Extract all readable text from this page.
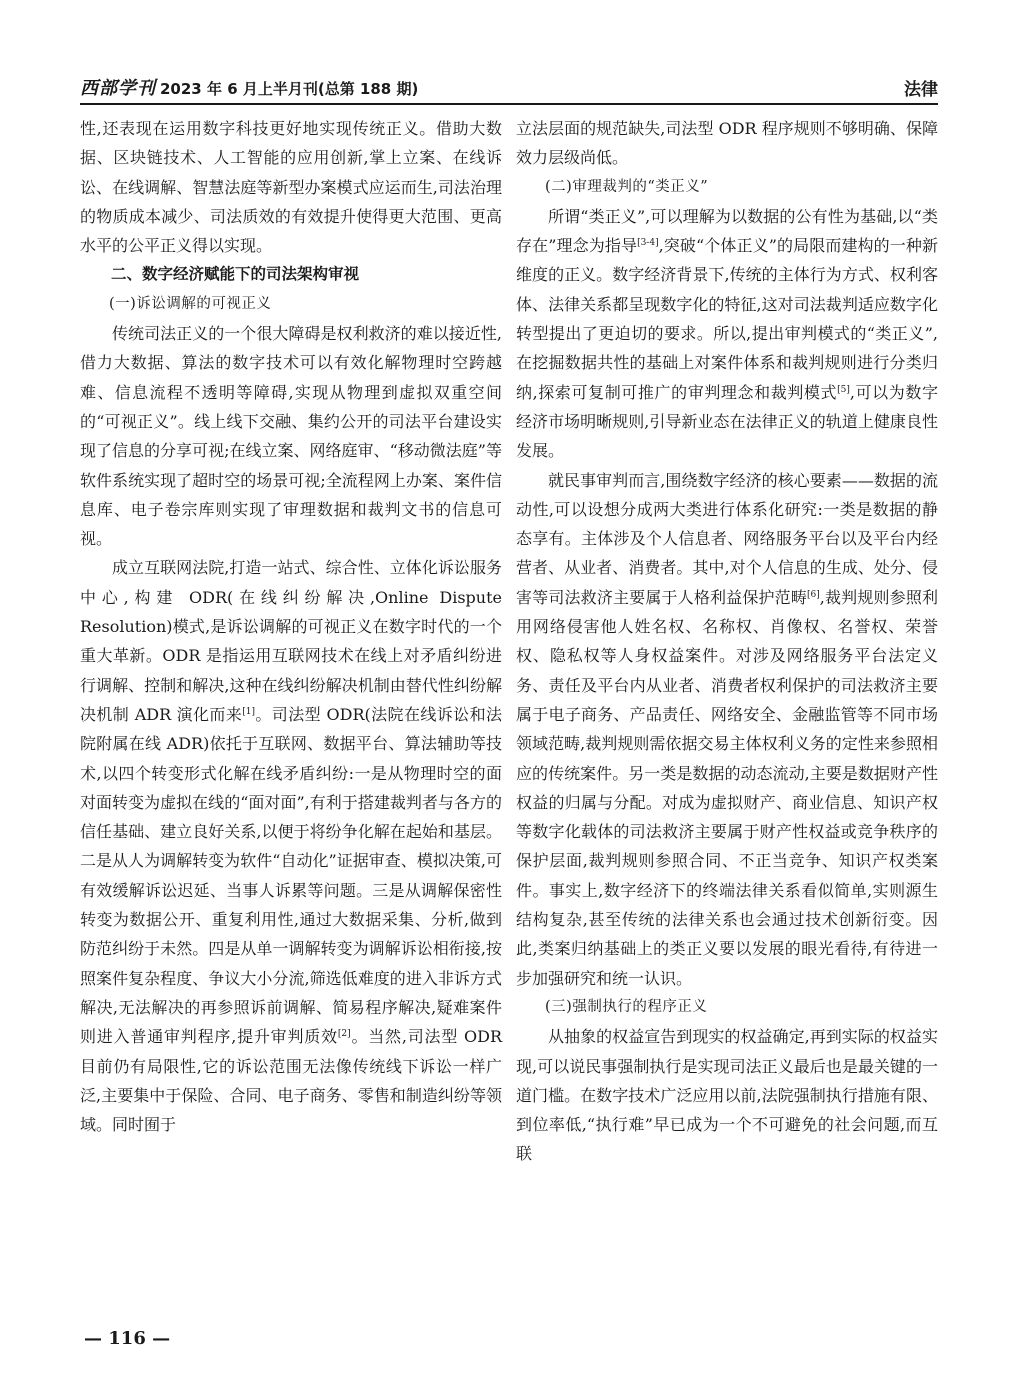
西部学刊 2023 年 6 月上半月刊(总第 188 期)	法律

性,还表现在运用数字科技更好地实现传统正义。借助大数据、区块链技术、人工智能的应用创新,掌上立案、在线诉讼、在线调解、智慧法庭等新型办案模式应运而生,司法治理的物质成本减少、司法质效的有效提升使得更大范围、更高水平的公平正义得以实现。

二、数字经济赋能下的司法架构审视

(一)诉讼调解的可视正义

传统司法正义的一个很大障碍是权利救济的难以接近性,借力大数据、算法的数字技术可以有效化解物理时空跨越难、信息流程不透明等障碍,实现从物理到虚拟双重空间的“可视正义”。线上线下交融、集约公开的司法平台建设实现了信息的分享可视;在线立案、网络庭审、“移动微法庭”等软件系统实现了超时空的场景可视;全流程网上办案、案件信息库、电子卷宗库则实现了审理数据和裁判文书的信息可视。

成立互联网法院,打造一站式、综合性、立体化诉讼服务中心,构建 ODR(在线纠纷解决,Online Dispute Resolution)模式,是诉讼调解的可视正义在数字时代的一个重大革新。ODR 是指运用互联网技术在线上对矛盾纠纷进行调解、控制和解决,这种在线纠纷解决机制由替代性纠纷解决机制 ADR 演化而来[1]。司法型 ODR(法院在线诉讼和法院附属在线 ADR)依托于互联网、数据平台、算法辅助等技术,以四个转变形式化解在线矛盾纠纷:一是从物理时空的面对面转变为虚拟在线的“面对面”,有利于搭建裁判者与各方的信任基础、建立良好关系,以便于将纷争化解在起始和基层。二是从人为调解转变为软件“自动化”证据审查、模拟决策,可有效缓解诉讼迟延、当事人诉累等问题。三是从调解保密性转变为数据公开、重复利用性,通过大数据采集、分析,做到防范纠纷于未然。四是从单一调解转变为调解诉讼相衔接,按照案件复杂程度、争议大小分流,筛选低难度的进入非诉方式解决,无法解决的再参照诉前调解、简易程序解决,疑难案件则进入普通审判程序,提升审判质效[2]。当然,司法型 ODR 目前仍有局限性,它的诉讼范围无法像传统线下诉讼一样广泛,主要集中于保险、合同、电子商务、零售和制造纠纷等领域。同时囿于

立法层面的规范缺失,司法型 ODR 程序规则不够明确、保障效力层级尚低。

(二)审理裁判的“类正义”

所谓“类正义”,可以理解为以数据的公有性为基础,以“类存在”理念为指导[3-4],突破“个体正义”的局限而建构的一种新维度的正义。数字经济背景下,传统的主体行为方式、权利客体、法律关系都呈现数字化的特征,这对司法裁判适应数字化转型提出了更迫切的要求。所以,提出审判模式的“类正义”,在挖掘数据共性的基础上对案件体系和裁判规则进行分类归纳,探索可复制可推广的审判理念和裁判模式[5],可以为数字经济市场明晰规则,引导新业态在法律正义的轨道上健康良性发展。

就民事审判而言,围绕数字经济的核心要素——数据的流动性,可以设想分成两大类进行体系化研究:一类是数据的静态享有。主体涉及个人信息者、网络服务平台以及平台内经营者、从业者、消费者。其中,对个人信息的生成、处分、侵害等司法救济主要属于人格利益保护范畴[6],裁判规则参照利用网络侵害他人姓名权、名称权、肖像权、名誉权、荣誉权、隐私权等人身权益案件。对涉及网络服务平台法定义务、责任及平台内从业者、消费者权利保护的司法救济主要属于电子商务、产品责任、网络安全、金融监管等不同市场领域范畴,裁判规则需依据交易主体权利义务的定性来参照相应的传统案件。另一类是数据的动态流动,主要是数据财产性权益的归属与分配。对成为虚拟财产、商业信息、知识产权等数字化载体的司法救济主要属于财产性权益或竞争秩序的保护层面,裁判规则参照合同、不正当竞争、知识产权类案件。事实上,数字经济下的终端法律关系看似简单,实则源生结构复杂,甚至传统的法律关系也会通过技术创新衍变。因此,类案归纳基础上的类正义要以发展的眼光看待,有待进一步加强研究和统一认识。

(三)强制执行的程序正义

从抽象的权益宣告到现实的权益确定,再到实际的权益实现,可以说民事强制执行是实现司法正义最后也是最关键的一道门槛。在数字技术广泛应用以前,法院强制执行措施有限、到位率低,“执行难”早已成为一个不可避免的社会问题,而互联

— 116 —
